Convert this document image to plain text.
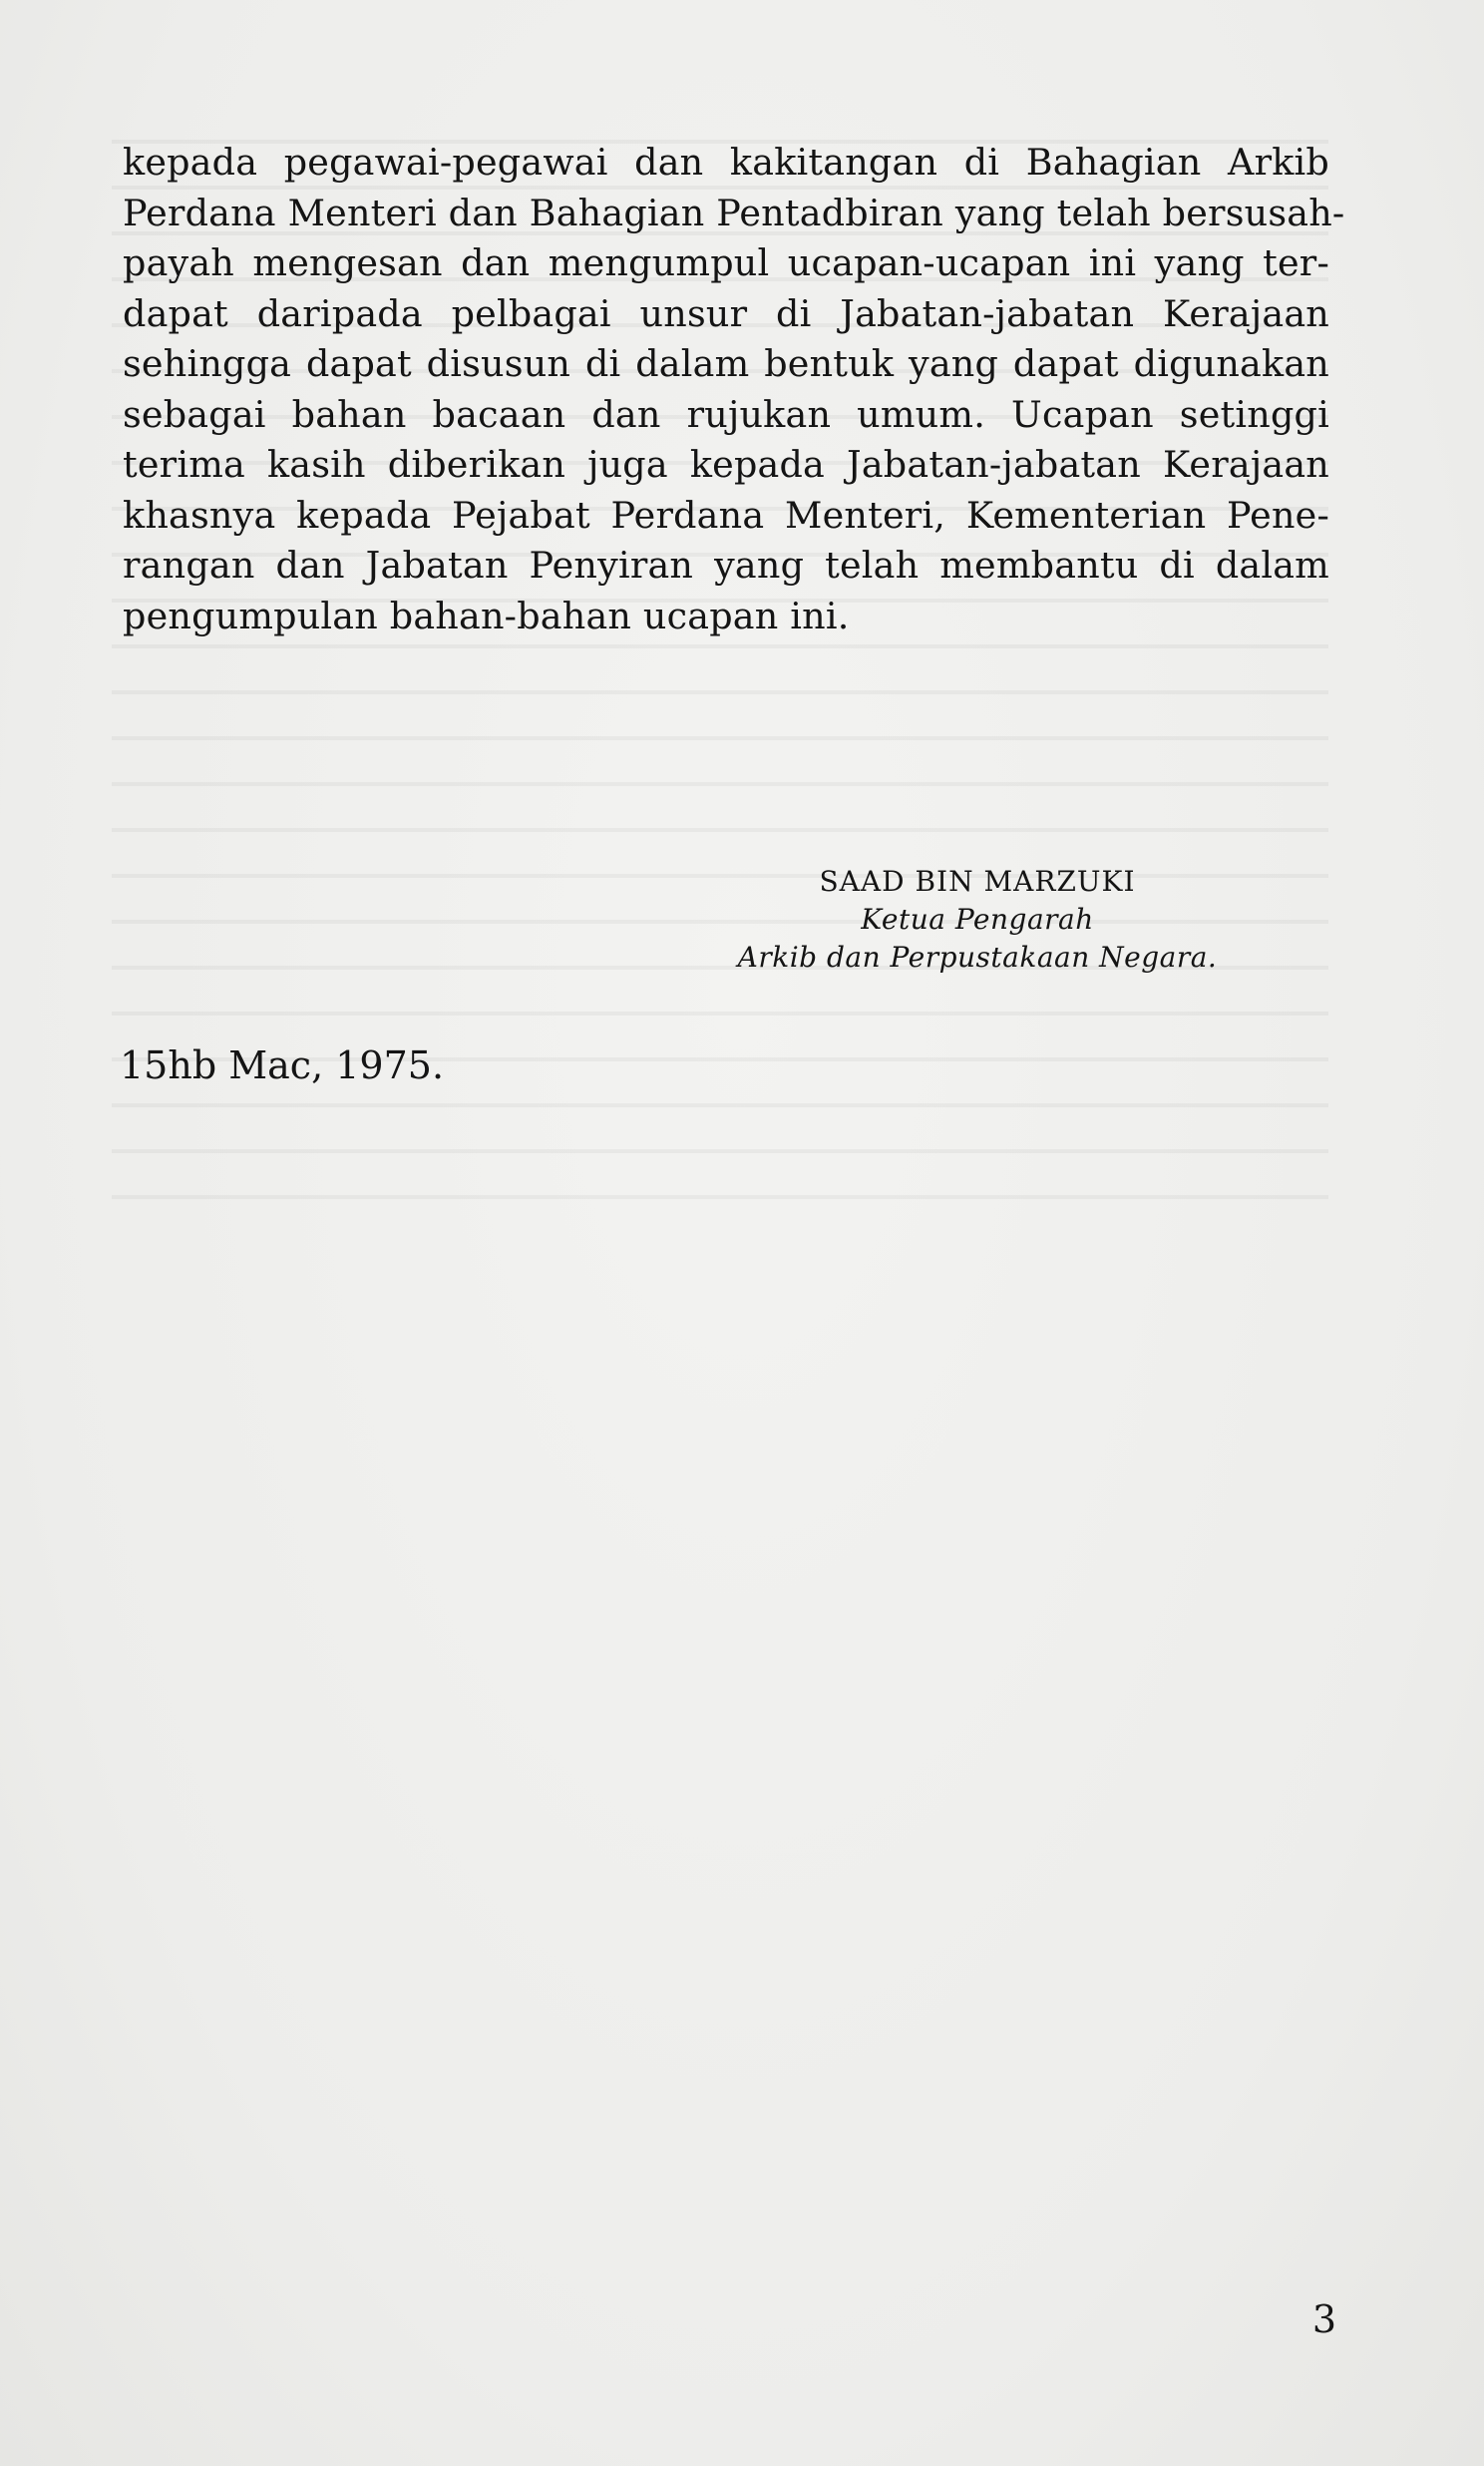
kepada pegawai-pegawai dan kakitangan di Bahagian Arkib
Perdana Menteri dan Bahagian Pentadbiran yang telah bersusah-
payah mengesan dan mengumpul ucapan-ucapan ini yang ter-
dapat daripada pelbagai unsur di Jabatan-jabatan Kerajaan
sehingga dapat disusun di dalam bentuk yang dapat digunakan
sebagai bahan bacaan dan rujukan umum. Ucapan setinggi
terima kasih diberikan juga kepada Jabatan-jabatan Kerajaan
khasnya kepada Pejabat Perdana Menteri, Kementerian Pene-
rangan dan Jabatan Penyiran yang telah membantu di dalam
pengumpulan bahan-bahan ucapan ini.
SAAD BIN MARZUKI
Ketua Pengarah
Arkib dan Perpustakaan Negara.
15hb Mac, 1975.
3
